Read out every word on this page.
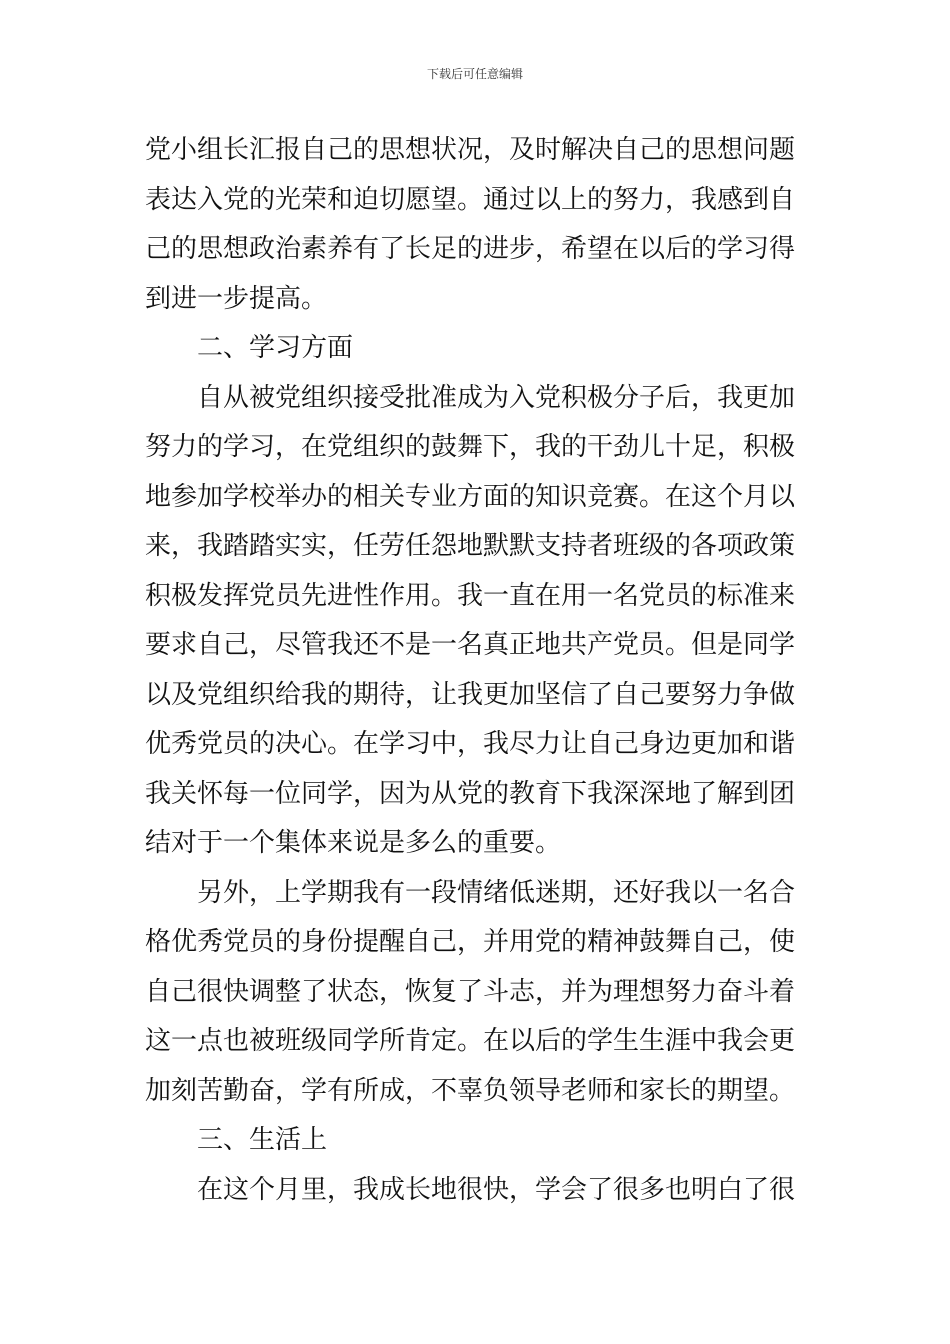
下载后可任意编辑
党小组长汇报自己的思想状况，及时解决自己的思想问题
表达入党的光荣和迫切愿望。通过以上的努力，我感到自
己的思想政治素养有了长足的进步，希望在以后的学习得
到进一步提高。
二、学习方面
自从被党组织接受批准成为入党积极分子后，我更加
努力的学习，在党组织的鼓舞下，我的干劲儿十足，积极
地参加学校举办的相关专业方面的知识竞赛。在这个月以
来，我踏踏实实，任劳任怨地默默支持者班级的各项政策
积极发挥党员先进性作用。我一直在用一名党员的标准来
要求自己，尽管我还不是一名真正地共产党员。但是同学
以及党组织给我的期待，让我更加坚信了自己要努力争做
优秀党员的决心。在学习中，我尽力让自己身边更加和谐
我关怀每一位同学，因为从党的教育下我深深地了解到团
结对于一个集体来说是多么的重要。
另外，上学期我有一段情绪低迷期，还好我以一名合
格优秀党员的身份提醒自己，并用党的精神鼓舞自己，使
自己很快调整了状态，恢复了斗志，并为理想努力奋斗着
这一点也被班级同学所肯定。在以后的学生生涯中我会更
加刻苦勤奋，学有所成，不辜负领导老师和家长的期望。
三、生活上
在这个月里，我成长地很快，学会了很多也明白了很
